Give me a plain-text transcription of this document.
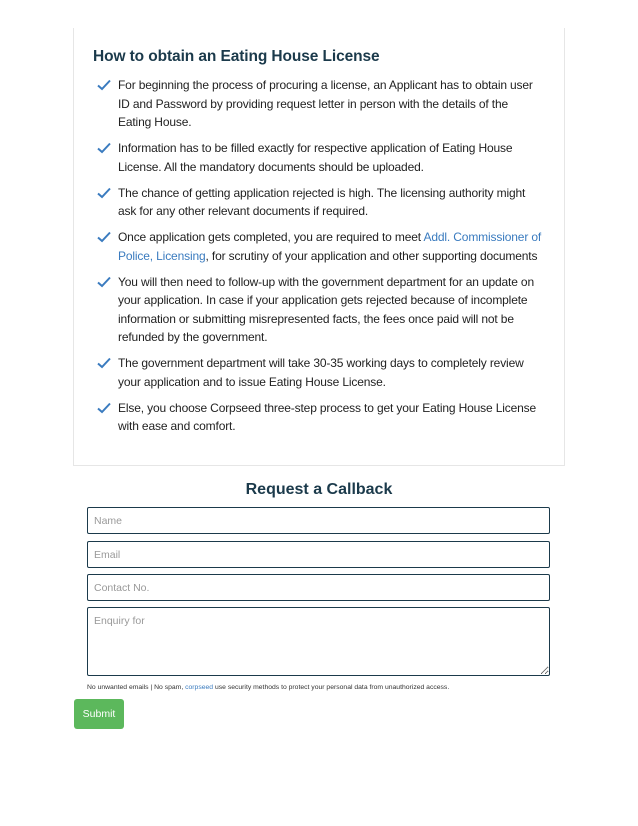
How to obtain an Eating House License
For beginning the process of procuring a license, an Applicant has to obtain user ID and Password by providing request letter in person with the details of the Eating House.
Information has to be filled exactly for respective application of Eating House License. All the mandatory documents should be uploaded.
The chance of getting application rejected is high. The licensing authority might ask for any other relevant documents if required.
Once application gets completed, you are required to meet Addl. Commissioner of Police, Licensing, for scrutiny of your application and other supporting documents
You will then need to follow-up with the government department for an update on your application. In case if your application gets rejected because of incomplete information or submitting misrepresented facts, the fees once paid will not be refunded by the government.
The government department will take 30-35 working days to completely review your application and to issue Eating House License.
Else, you choose Corpseed three-step process to get your Eating House License with ease and comfort.
Request a Callback
Name
Email
Contact No.
Enquiry for
No unwanted emails | No spam, corpseed use security methods to protect your personal data from unauthorized access.
Submit
